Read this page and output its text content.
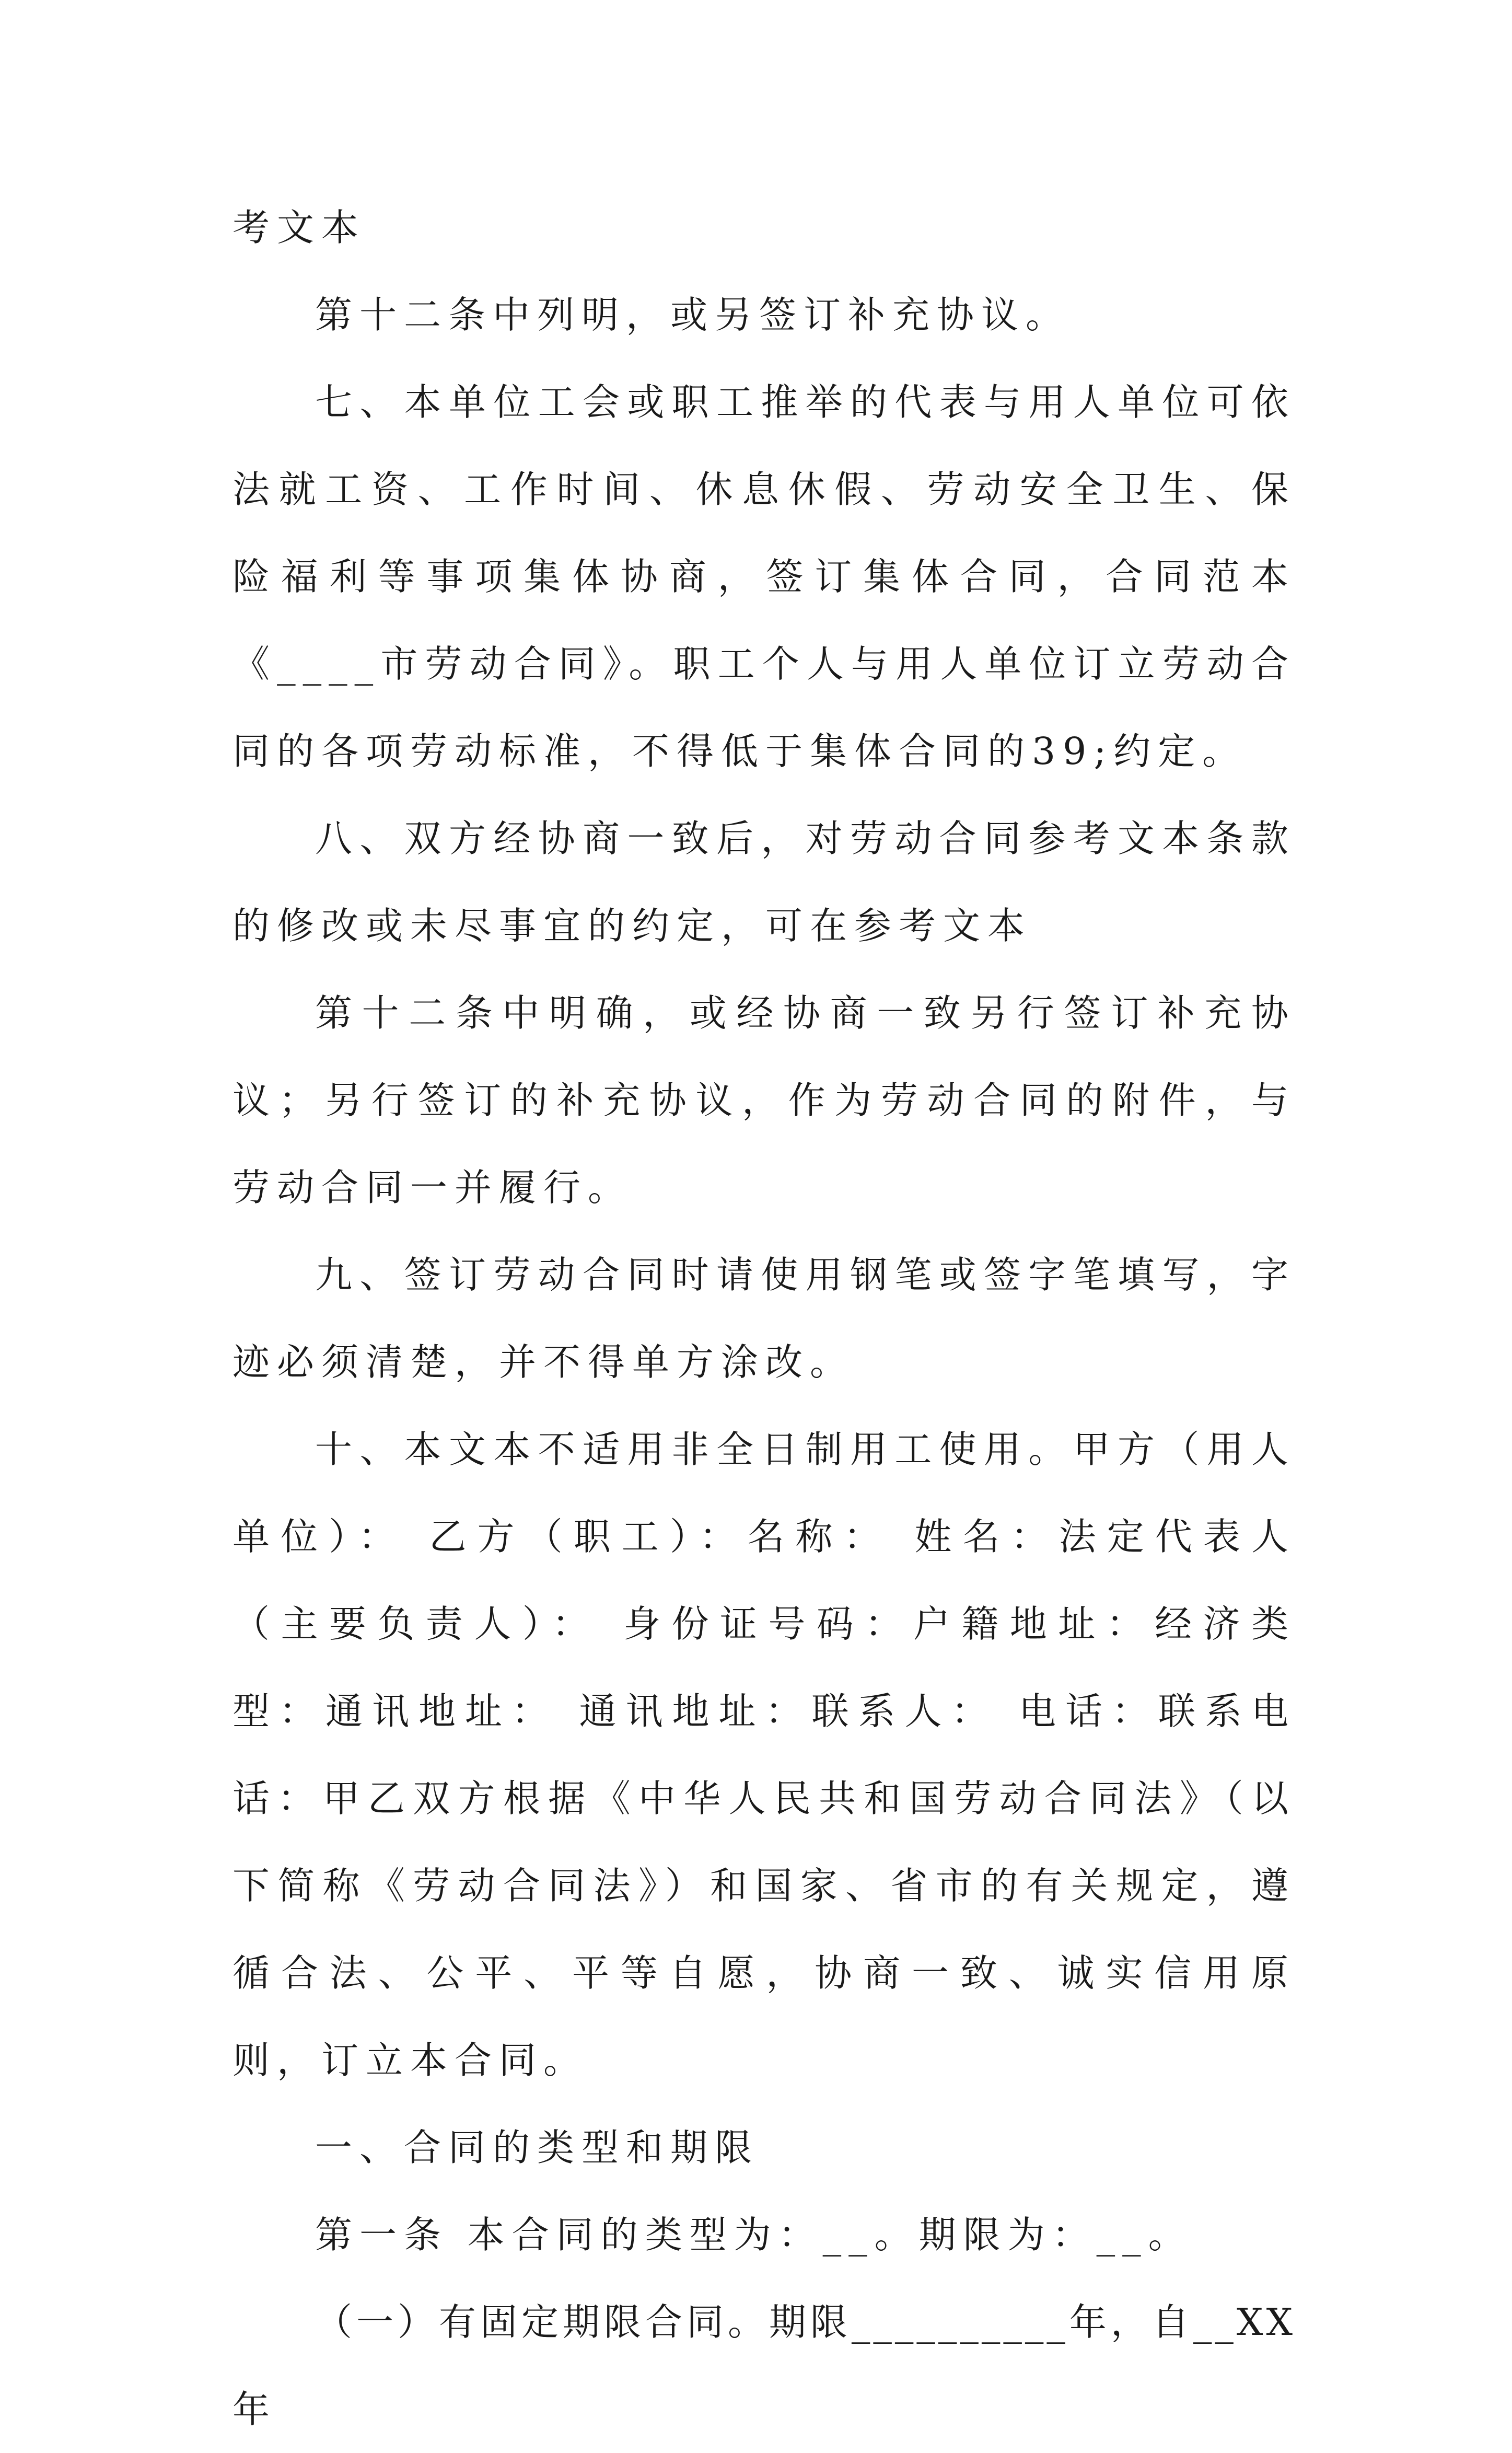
考文本

第十二条中列明，或另签订补充协议。

七、本单位工会或职工推举的代表与用人单位可依法就工资、工作时间、休息休假、劳动安全卫生、保险福利等事项集体协商，签订集体合同，合同范本《____市劳动合同》。职工个人与用人单位订立劳动合同的各项劳动标准，不得低于集体合同的39;约定。

八、双方经协商一致后，对劳动合同参考文本条款的修改或未尽事宜的约定，可在参考文本

第十二条中明确，或经协商一致另行签订补充协议；另行签订的补充协议，作为劳动合同的附件，与劳动合同一并履行。

九、签订劳动合同时请使用钢笔或签字笔填写，字迹必须清楚，并不得单方涂改。

十、本文本不适用非全日制用工使用。甲方（用人单位）： 乙方（职工）：名称： 姓名：法定代表人（主要负责人）： 身份证号码：户籍地址：经济类型：通讯地址： 通讯地址：联系人： 电话：联系电话：甲乙双方根据《中华人民共和国劳动合同法》（以下简称《劳动合同法》）和国家、省市的有关规定，遵循合法、公平、平等自愿，协商一致、诚实信用原则，订立本合同。

一、合同的类型和期限

第一条 本合同的类型为：__。期限为：__。

（一）有固定期限合同。期限__________年，自__XX 年
